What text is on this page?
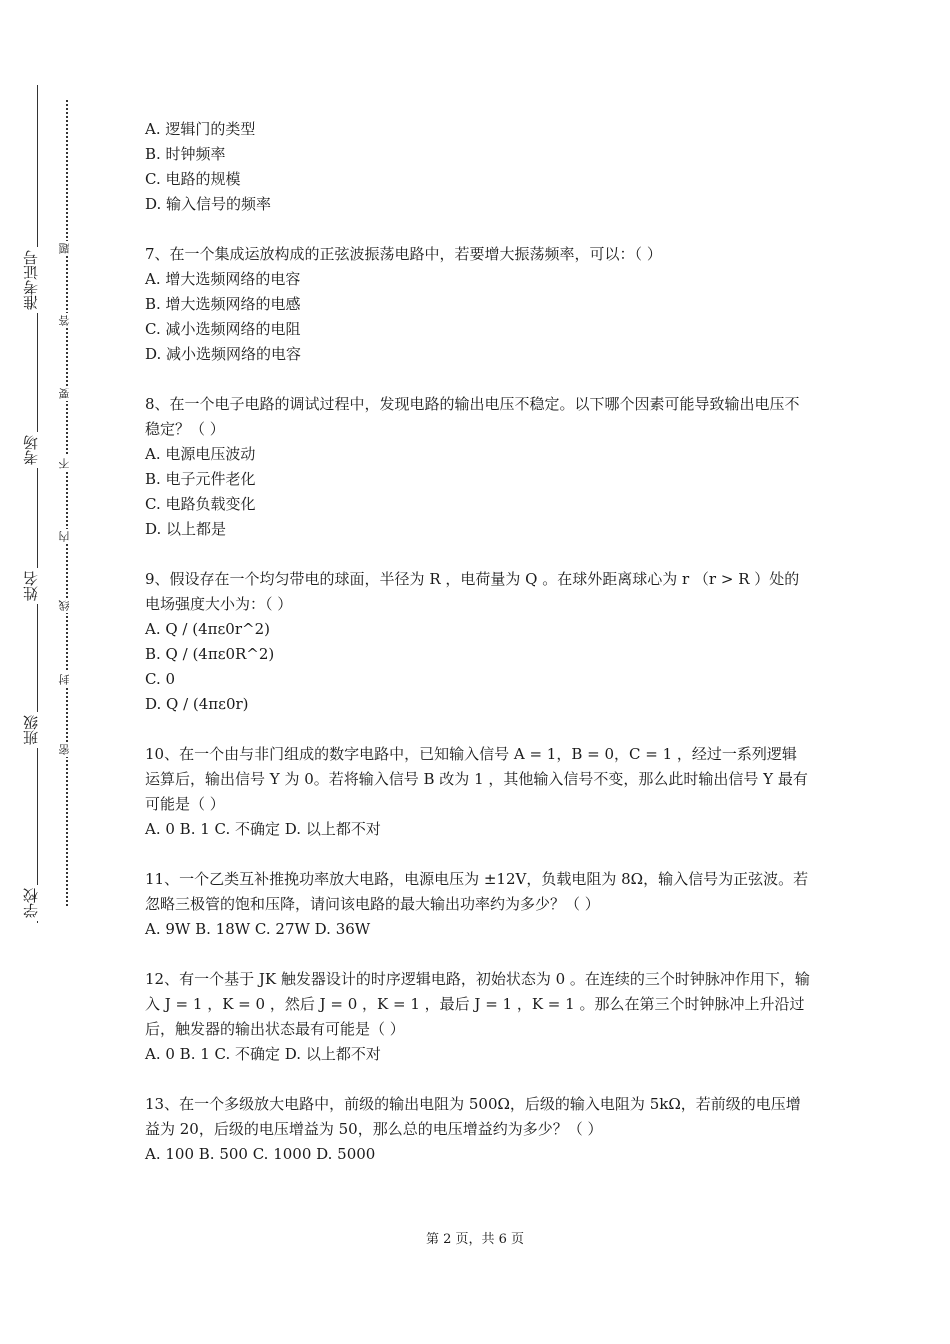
准考证号
考场
姓名
班级
学校
题
答
要
不
内
线
封
密

A. 逻辑门的类型

B. 时钟频率

C. 电路的规模

D. 输入信号的频率

7、在一个集成运放构成的正弦波振荡电路中，若要增大振荡频率，可以：（ ）

A. 增大选频网络的电容

B. 增大选频网络的电感

C. 减小选频网络的电阻

D. 减小选频网络的电容

8、在一个电子电路的调试过程中，发现电路的输出电压不稳定。以下哪个因素可能导致输出电压不稳定？（ ）

A. 电源电压波动

B. 电子元件老化

C. 电路负载变化

D. 以上都是

9、假设存在一个均匀带电的球面，半径为 R ，电荷量为 Q 。在球外距离球心为 r （r > R ）处的电场强度大小为：（ ）

A. Q / (4πε0r^2)

B. Q / (4πε0R^2)

C. 0

D. Q / (4πε0r)

10、在一个由与非门组成的数字电路中，已知输入信号 A = 1，B = 0，C = 1 ，经过一系列逻辑运算后，输出信号 Y 为 0。若将输入信号 B 改为 1 ，其他输入信号不变，那么此时输出信号 Y 最有可能是（ ）

A. 0 B. 1 C. 不确定 D. 以上都不对

11、一个乙类互补推挽功率放大电路，电源电压为 ±12V，负载电阻为 8Ω，输入信号为正弦波。若忽略三极管的饱和压降，请问该电路的最大输出功率约为多少？（ ）

A. 9W B. 18W C. 27W D. 36W

12、有一个基于 JK 触发器设计的时序逻辑电路，初始状态为 0 。在连续的三个时钟脉冲作用下，输入 J = 1 ，K = 0 ，然后 J = 0 ，K = 1 ，最后 J = 1 ，K = 1 。那么在第三个时钟脉冲上升沿过后，触发器的输出状态最有可能是（ ）

A. 0 B. 1 C. 不确定 D. 以上都不对

13、在一个多级放大电路中，前级的输出电阻为 500Ω，后级的输入电阻为 5kΩ，若前级的电压增益为 20，后级的电压增益为 50，那么总的电压增益约为多少？（ ）

A. 100 B. 500 C. 1000 D. 5000

第 2 页，共 6 页
